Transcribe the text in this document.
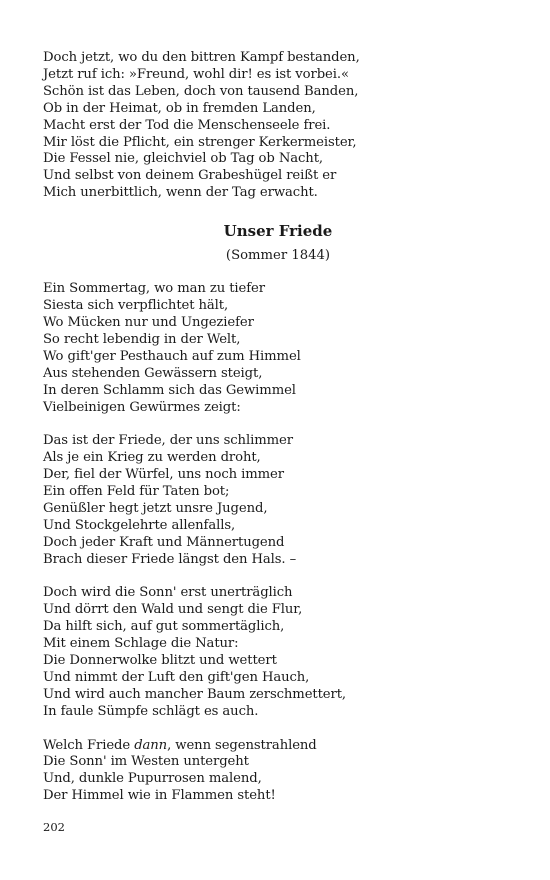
Doch jetzt, wo du den bittren Kampf bestanden,
Jetzt ruf ich: »Freund, wohl dir! es ist vorbei.«
Schön ist das Leben, doch von tausend Banden,
Ob in der Heimat, ob in fremden Landen,
Macht erst der Tod die Menschenseele frei.
Mir löst die Pflicht, ein strenger Kerkermeister,
Die Fessel nie, gleichviel ob Tag ob Nacht,
Und selbst von deinem Grabeshügel reißt er
Mich unerbittlich, wenn der Tag erwacht.
Unser Friede
(Sommer 1844)
Ein Sommertag, wo man zu tiefer
Siesta sich verpflichtet hält,
Wo Mücken nur und Ungeziefer
So recht lebendig in der Welt,
Wo gift'ger Pesthauch auf zum Himmel
Aus stehenden Gewässern steigt,
In deren Schlamm sich das Gewimmel
Vielbeinigen Gewürmes zeigt:
Das ist der Friede, der uns schlimmer
Als je ein Krieg zu werden droht,
Der, fiel der Würfel, uns noch immer
Ein offen Feld für Taten bot;
Genüßler hegt jetzt unsre Jugend,
Und Stockgelehrte allenfalls,
Doch jeder Kraft und Männertugend
Brach dieser Friede längst den Hals. –
Doch wird die Sonn' erst unerträglich
Und dörrt den Wald und sengt die Flur,
Da hilft sich, auf gut sommertäglich,
Mit einem Schlage die Natur:
Die Donnerwolke blitzt und wettert
Und nimmt der Luft den gift'gen Hauch,
Und wird auch mancher Baum zerschmettert,
In faule Sümpfe schlägt es auch.
Welch Friede dann, wenn segenstrahlend
Die Sonn' im Westen untergeht
Und, dunkle Pupurrosen malend,
Der Himmel wie in Flammen steht!
202
